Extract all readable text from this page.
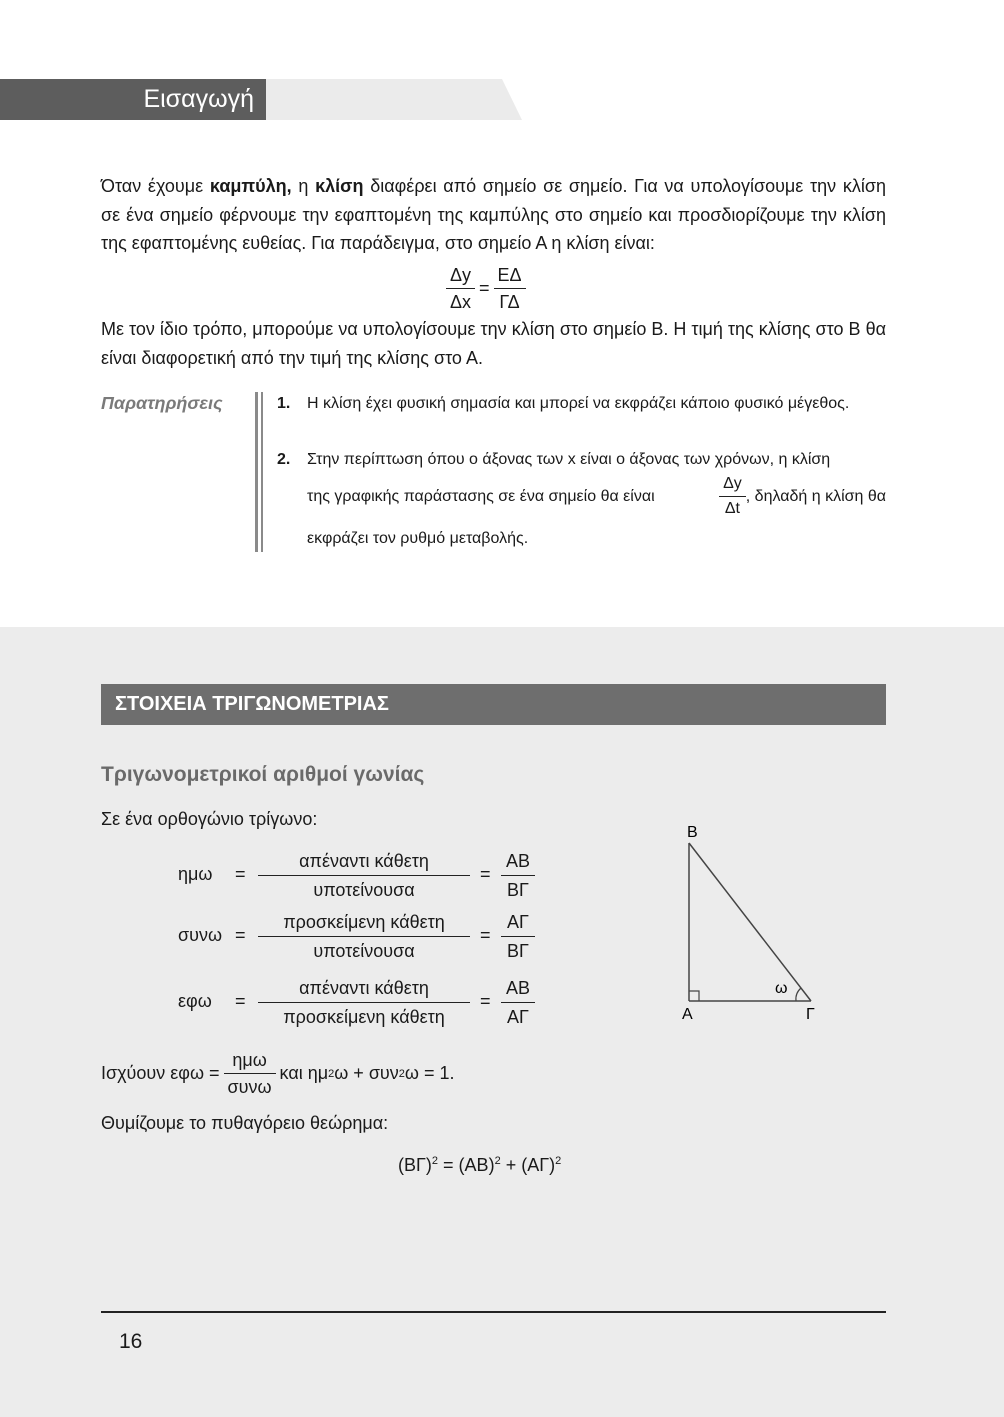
Εισαγωγή
Όταν έχουμε καμπύλη, η κλίση διαφέρει από σημείο σε σημείο. Για να υπολογίσουμε την κλίση σε ένα σημείο φέρνουμε την εφαπτομένη της καμπύλης στο σημείο και προσδιορίζουμε την κλίση της εφαπτομένης ευθείας. Για παράδειγμα, στο σημείο Α η κλίση είναι:
$\frac{\Delta y}{\Delta x} = \frac{E\Delta}{\Gamma\Delta}$
Με τον ίδιο τρόπο, μπορούμε να υπολογίσουμε την κλίση στο σημείο Β. Η τιμή της κλίσης στο Β θα είναι διαφορετική από την τιμή της κλίσης στο Α.
Παρατηρήσεις	1. Η κλίση έχει φυσική σημασία και μπορεί να εκφράζει κάποιο φυσικό μέγεθος.
2. Στην περίπτωση όπου ο άξονας των x είναι ο άξονας των χρόνων, η κλίση
της γραφικής παράστασης σε ένα σημείο θα είναι	$\frac{\Delta y}{\Delta t}$ , δηλαδή η κλίση θα
εκφράζει τον ρυθμό μεταβολής.
ΣΤΟΙΧΕΙΑ ΤΡΙΓΩΝΟΜΕΤΡΙΑΣ
Τριγωνομετρικοί αριθμοί γωνίας
Σε ένα ορθογώνιο τρίγωνο:
ημω =
απέναντι κάθετη
υποτείνουσα
= $\frac{AB}{B\Gamma}$
συνω =
προσκείμενη κάθετη
υποτείνουσα
= $\frac{A\Gamma}{B\Gamma}$
εφω =
απέναντι κάθετη
προσκείμενη κάθετη
= $\frac{AB}{A\Gamma}$
Ισχύουν $\varepsilon\varphi\omega = \frac{\text{ημω}}{\text{συνω}}$ και ημ 2 ω + συν 2 ω = 1.
Θυμίζουμε το πυθαγόρειο θεώρημα:
$(B\Gamma)^2 = (AB)^2 + (A\Gamma)^2$
Β
Α	Γ
ω
16
